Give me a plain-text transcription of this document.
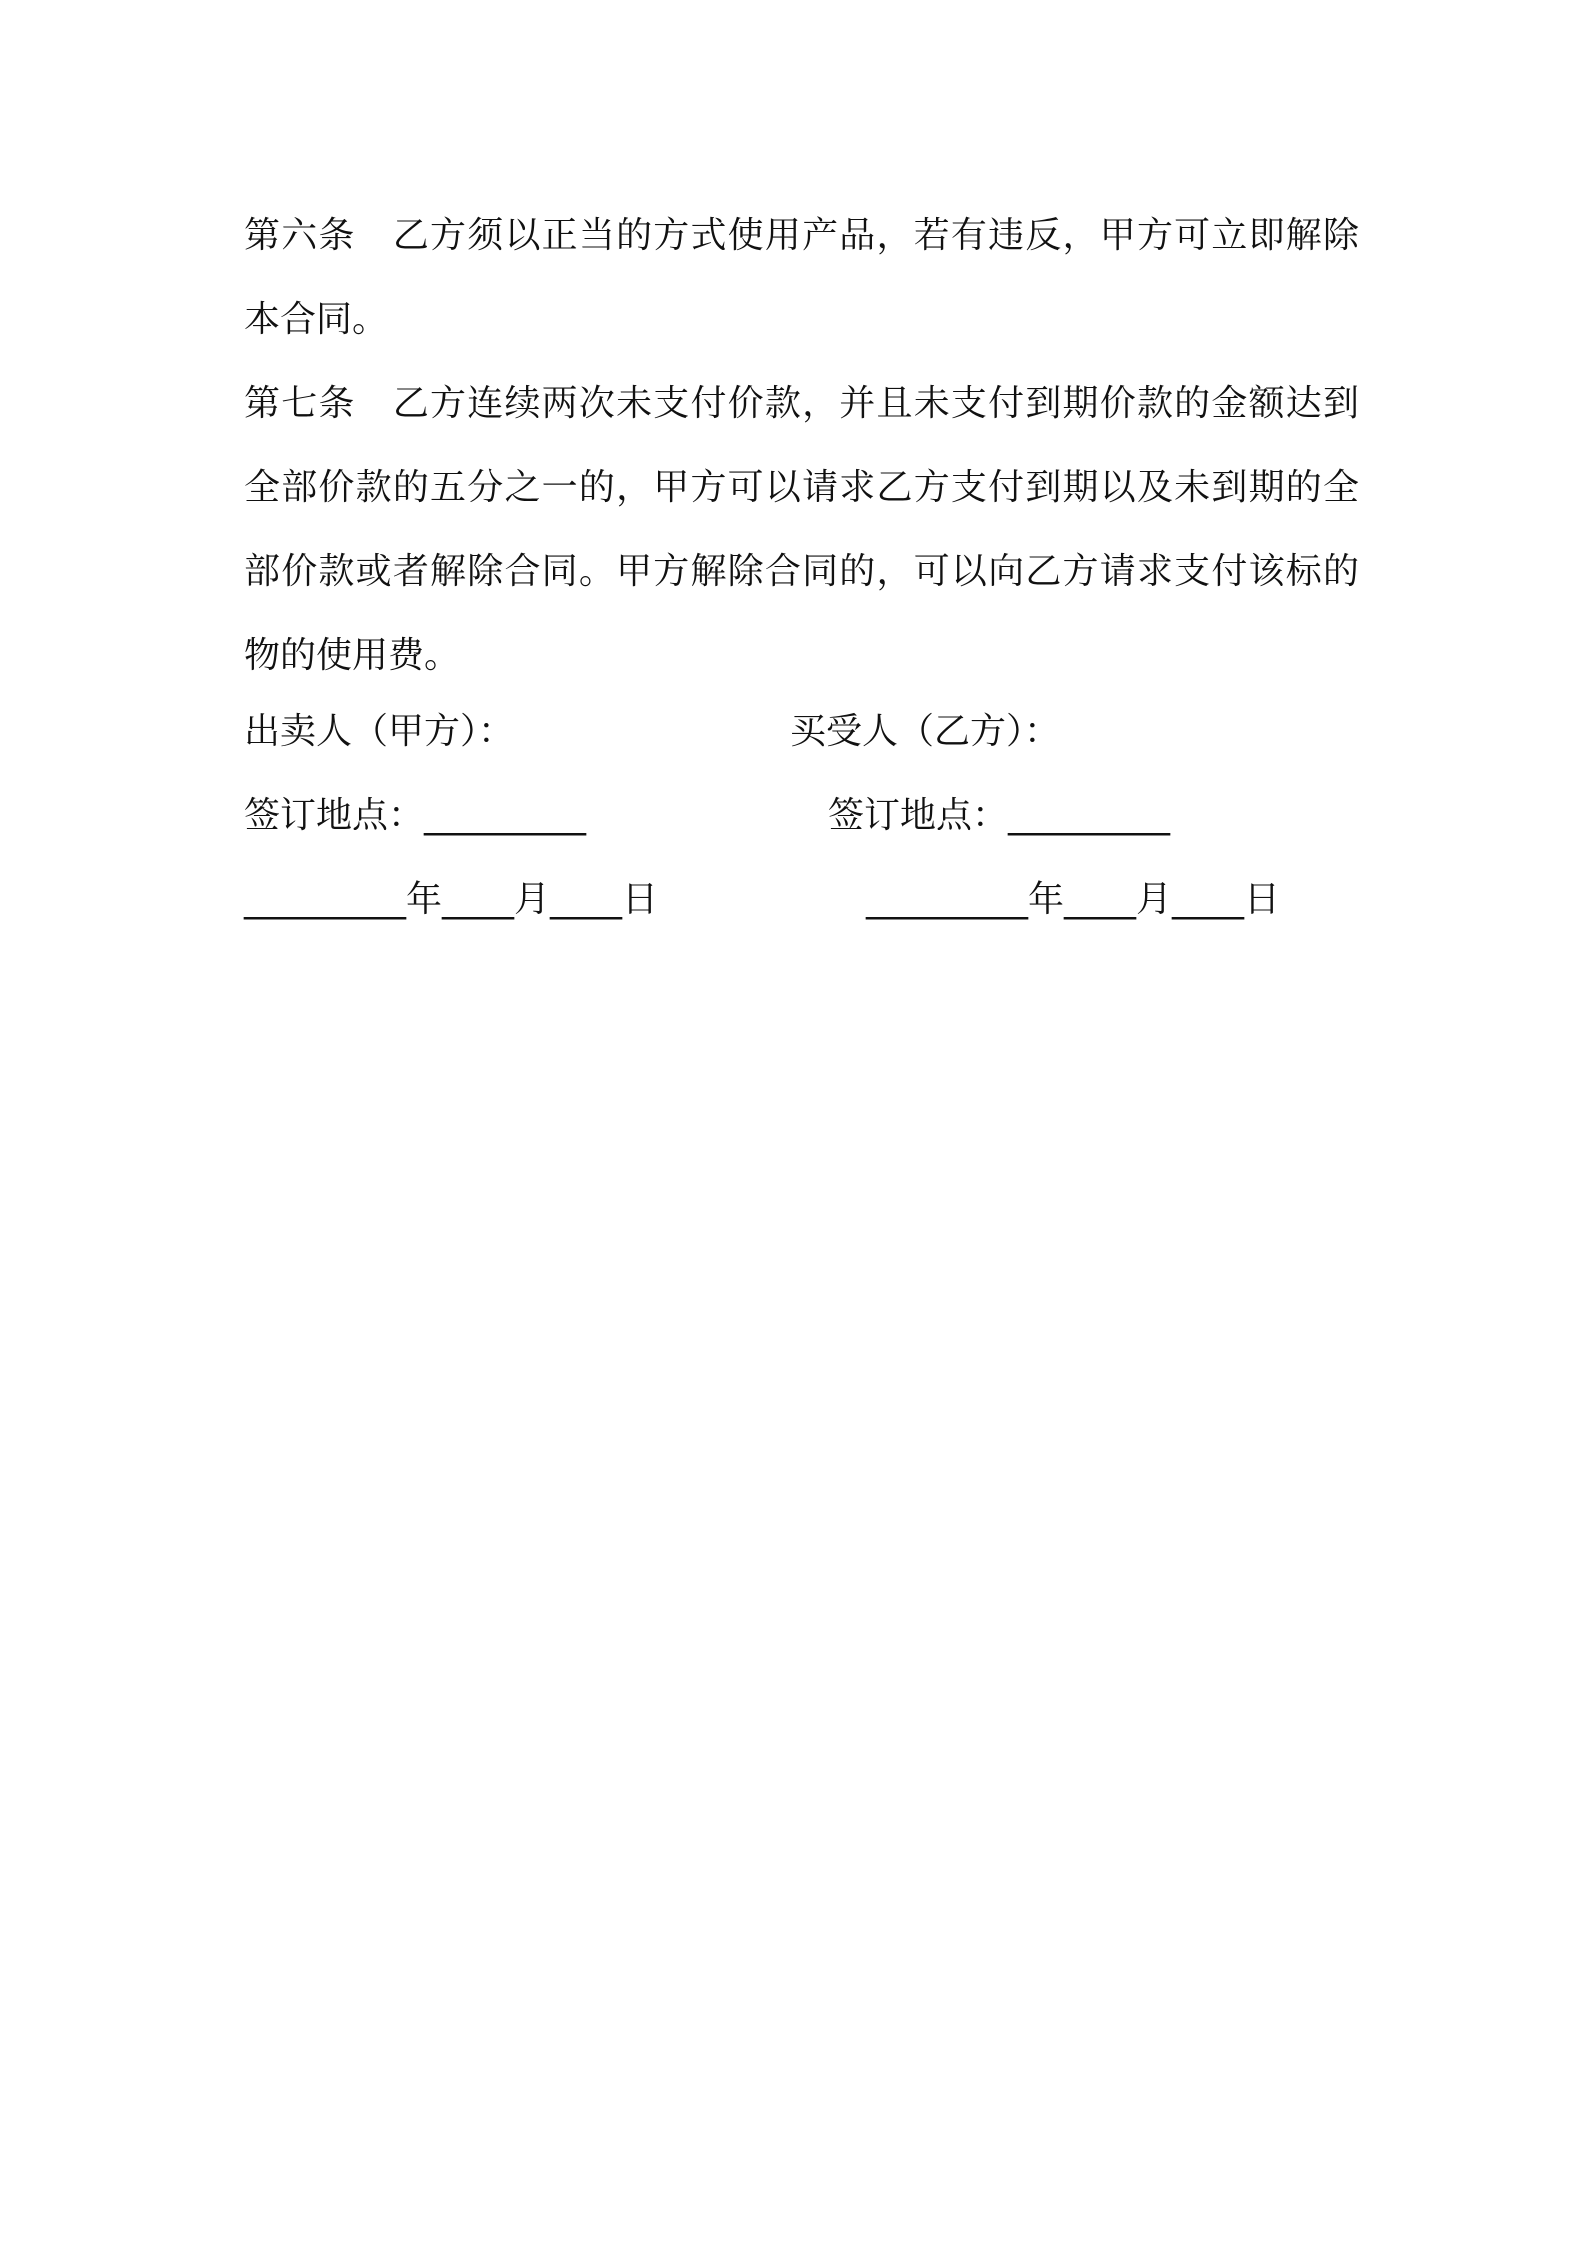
第六条　乙方须以正当的方式使用产品，若有违反，甲方可立即解除
本合同。
第七条　乙方连续两次未支付价款，并且未支付到期价款的金额达到
全部价款的五分之一的，甲方可以请求乙方支付到期以及未到期的全
部价款或者解除合同。甲方解除合同的，可以向乙方请求支付该标的
物的使用费。
出卖人（甲方）：	买受人（乙方）：
签订地点：_________	签订地点：_________
_________年____月____日	_________年____月____日
